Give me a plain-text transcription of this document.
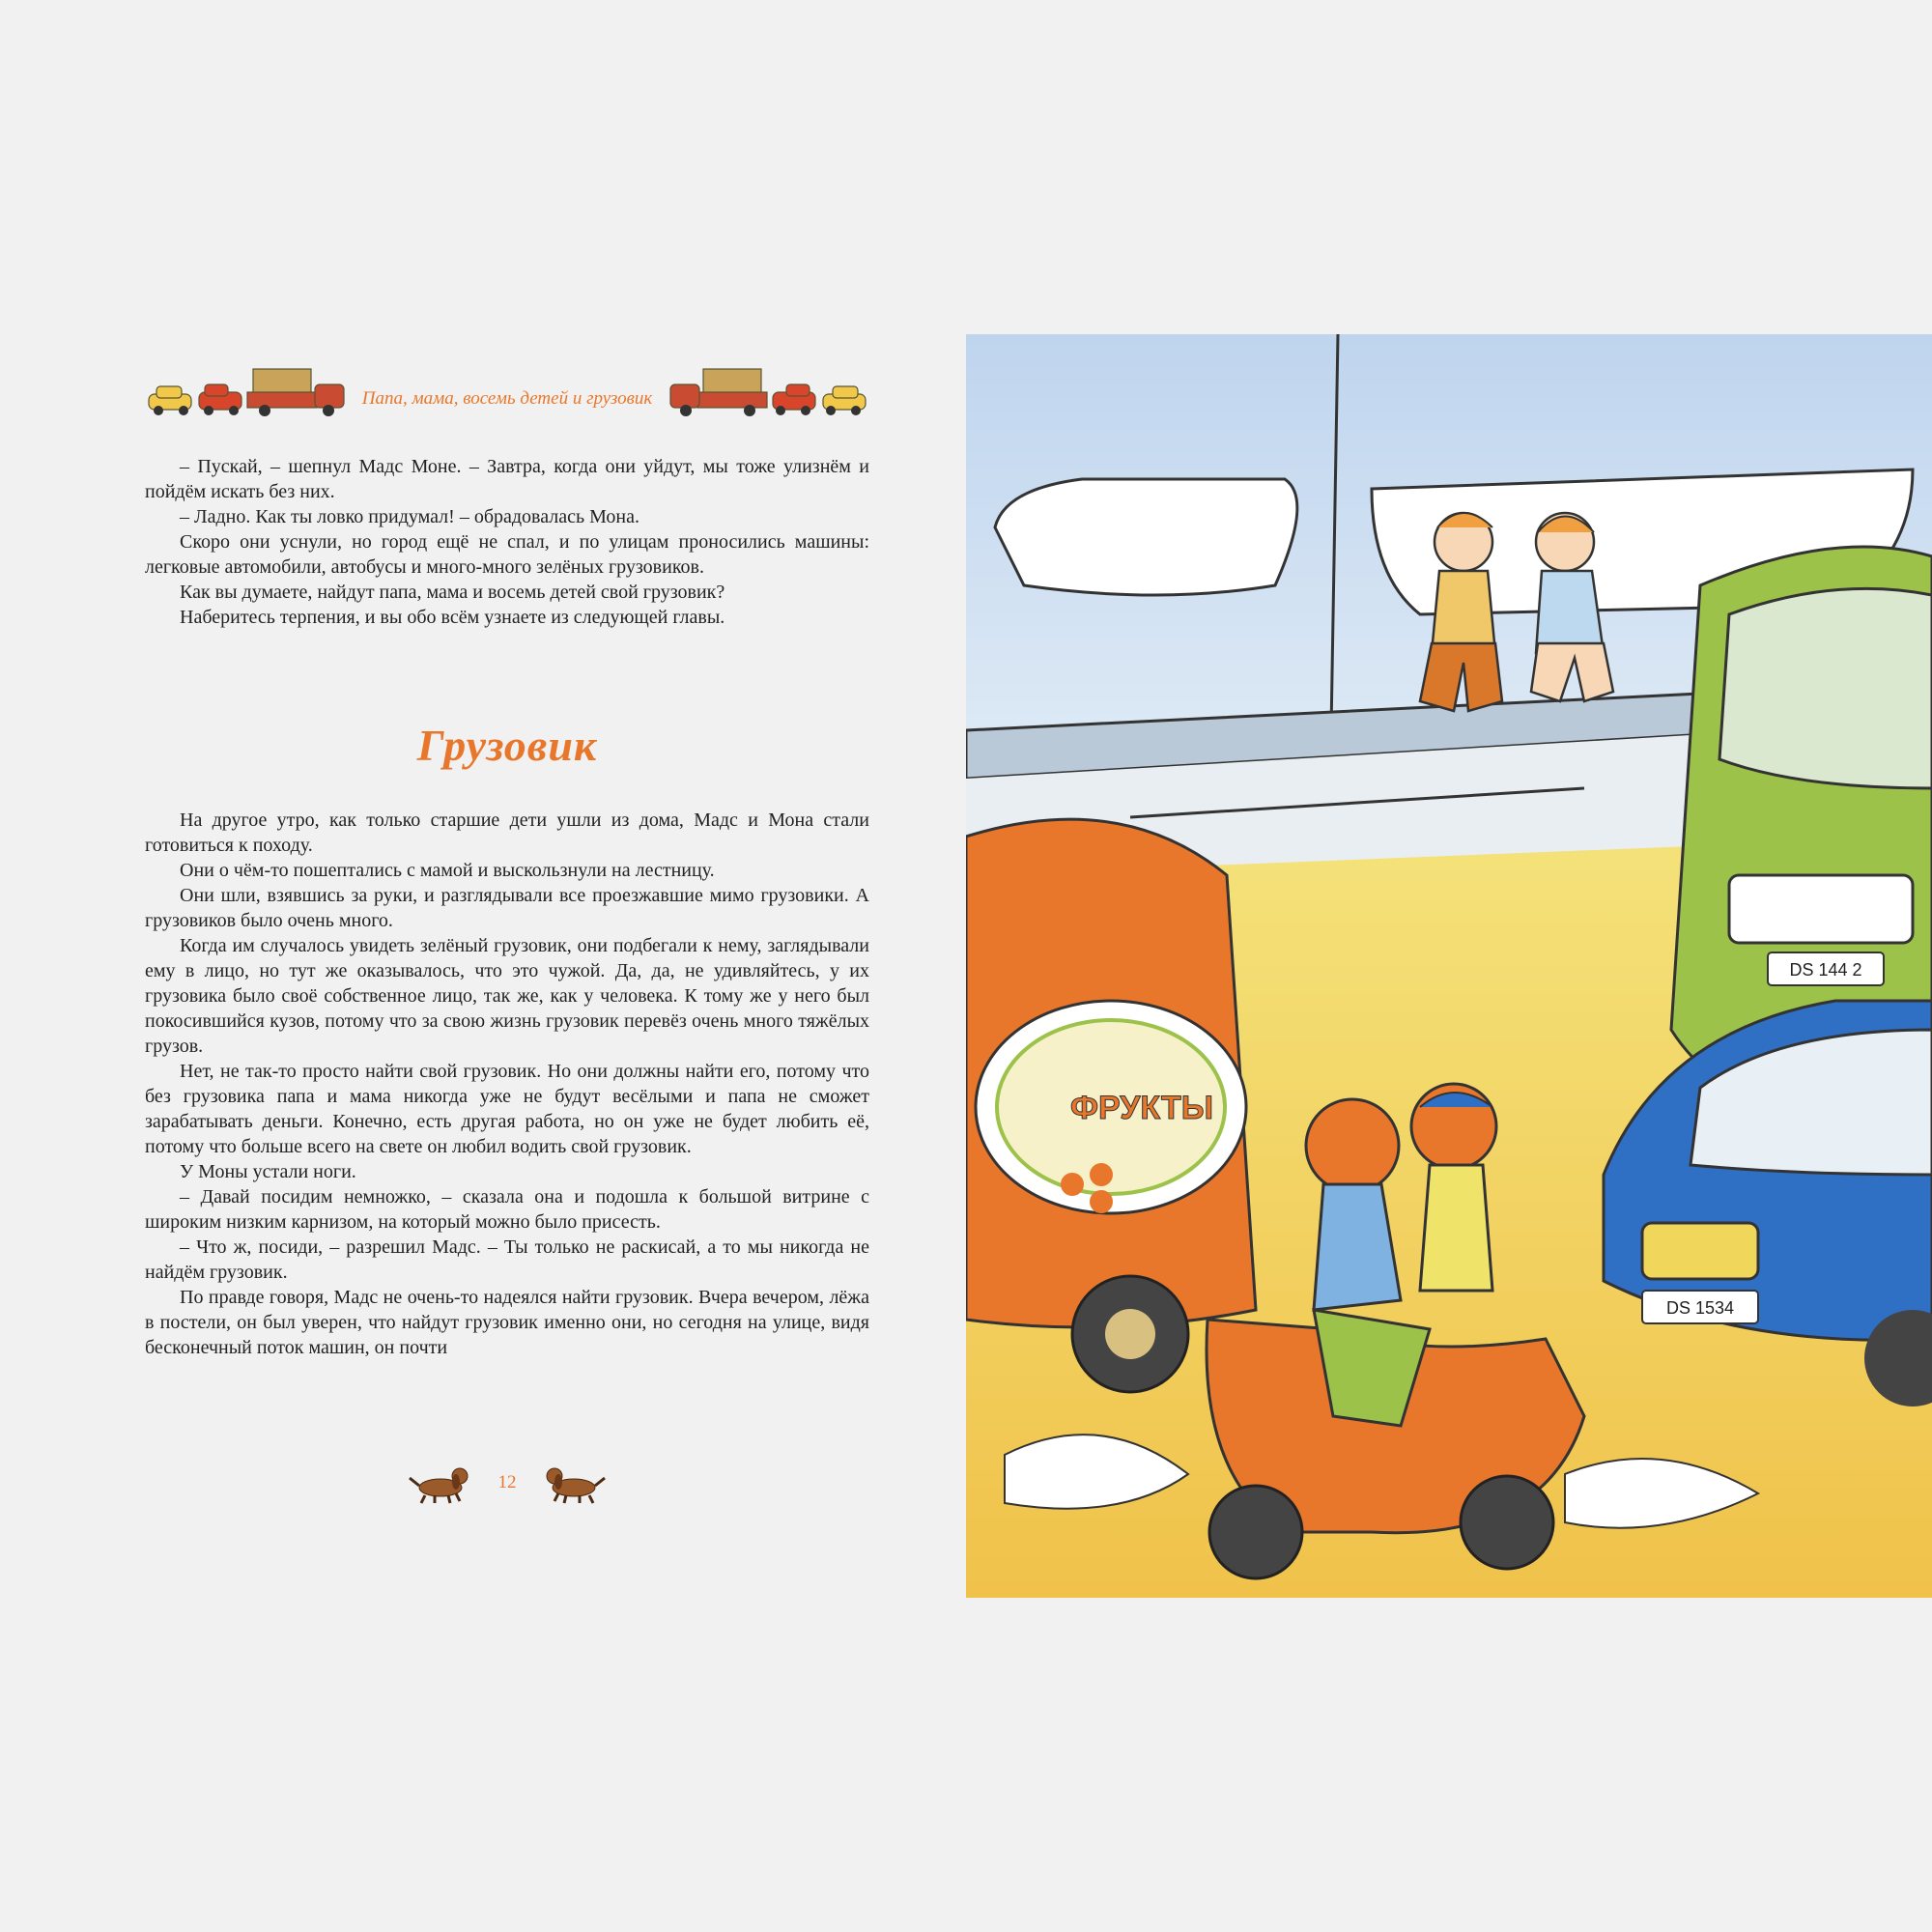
Папа, мама, восемь детей и грузовик

– Пускай, – шепнул Мадс Моне. – Завтра, когда они уйдут, мы тоже улизнём и пойдём искать без них.

– Ладно. Как ты ловко придумал! – обрадовалась Мона.

Скоро они уснули, но город ещё не спал, и по улицам проносились машины: легковые автомобили, автобусы и много-много зелёных грузовиков.

Как вы думаете, найдут папа, мама и восемь детей свой грузовик?

Наберитесь терпения, и вы обо всём узнаете из следующей главы.

Грузовик

На другое утро, как только старшие дети ушли из дома, Мадс и Мона стали готовиться к походу.

Они о чём-то пошептались с мамой и выскользнули на лестницу.

Они шли, взявшись за руки, и разглядывали все проезжавшие мимо грузовики. А грузовиков было очень много.

Когда им случалось увидеть зелёный грузовик, они подбегали к нему, заглядывали ему в лицо, но тут же оказывалось, что это чужой. Да, да, не удивляйтесь, у их грузовика было своё собственное лицо, так же, как у человека. К тому же у него был покосившийся кузов, потому что за свою жизнь грузовик перевёз очень много тяжёлых грузов.

Нет, не так-то просто найти свой грузовик. Но они должны найти его, потому что без грузовика папа и мама никогда уже не будут весёлыми и папа не сможет зарабатывать деньги. Конечно, есть другая работа, но он уже не будет любить её, потому что больше всего на свете он любил водить свой грузовик.

У Моны устали ноги.

– Давай посидим немножко, – сказала она и подошла к большой витрине с широким низким карнизом, на который можно было присесть.

– Что ж, посиди, – разрешил Мадс. – Ты только не раскисай, а то мы никогда не найдём грузовик.

По правде говоря, Мадс не очень-то надеялся найти грузовик. Вчера вечером, лёжа в постели, он был уверен, что найдут грузовик именно они, но сегодня на улице, видя бесконечный поток машин, он почти

12
ФРУКТЫ
DS 144 2
DS 1534
